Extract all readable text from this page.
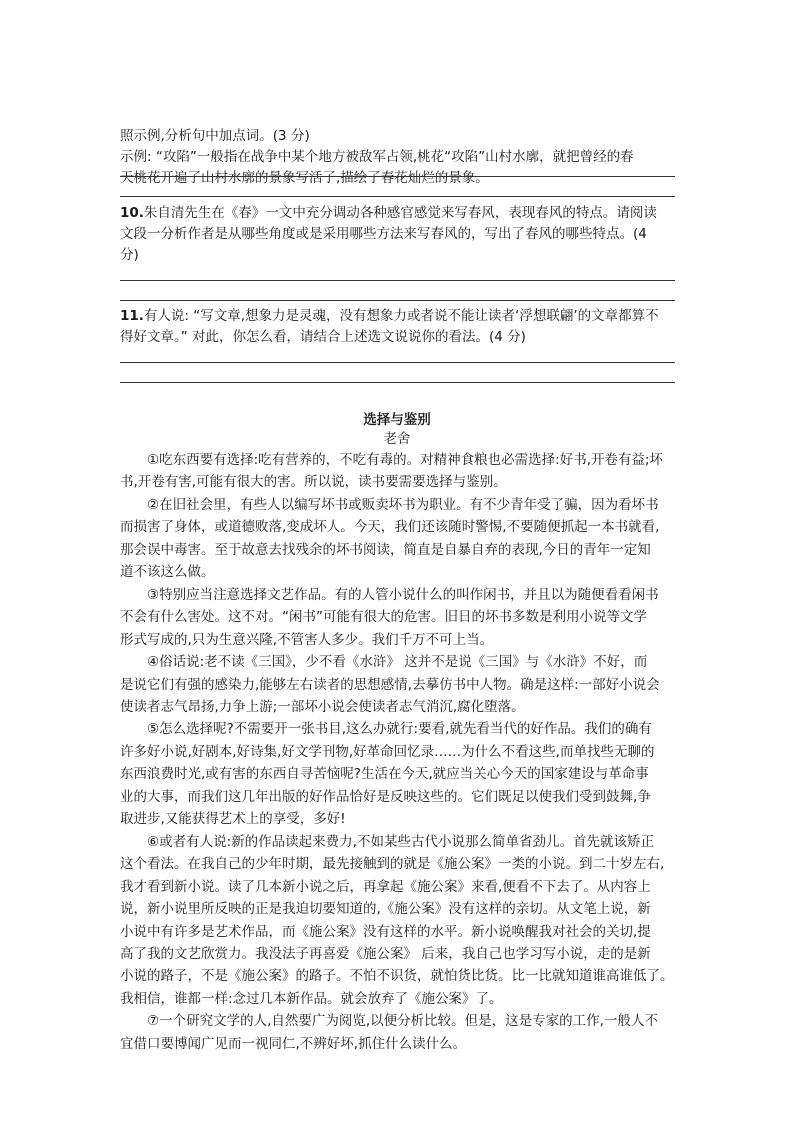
照示例,分析句中加点词。(3 分)
示例: “攻陷”一般指在战争中某个地方被敌军占领,桃花“攻陷”山村水廓，就把曾经的春
天桃花开遍了山村水廓的景象写活了,描绘了春花灿烂的景象。
10.朱自清先生在《春》一文中充分调动各种感官感觉来写春风，表现春风的特点。请阅读
文段一分析作者是从哪些角度或是采用哪些方法来写春风的，写出了春风的哪些特点。(4
分)
11.有人说: “写文章,想象力是灵魂，没有想象力或者说不能让读者‘浮想联翩’的文章都算不
得好文章。” 对此，你怎么看，请结合上述选文说说你的看法。(4 分)
选择与鉴别
老舍
①吃东西要有选择:吃有营养的，不吃有毒的。对精神食粮也必需选择:好书,开卷有益;坏
书,开卷有害,可能有很大的害。所以说，读书要需要选择与鉴别。
②在旧社会里，有些人以编写坏书或贩卖坏书为职业。有不少青年受了骗，因为看坏书
而损害了身体，或道德败落,变成坏人。今天，我们还该随时警惕,不要随便抓起一本书就看,
那会误中毒害。至于故意去找残余的坏书阅读，简直是自暴自弃的表现,今日的青年一定知
道不该这么做。
③特别应当注意选择文艺作品。有的人管小说什么的叫作闲书，并且以为随便看看闲书
不会有什么害处。这不对。“闲书”可能有很大的危害。旧日的坏书多数是利用小说等文学
形式写成的,只为生意兴隆,不管害人多少。我们千万不可上当。
④俗话说:老不读《三国》，少不看《水浒》 这并不是说《三国》与《水浒》不好，而
是说它们有强的感染力,能够左右读者的思想感情,去摹仿书中人物。确是这样:一部好小说会
使读者志气昂扬,力争上游;一部坏小说会使读者志气消沉,腐化堕落。
⑤怎么选择呢?不需要开一张书目,这么办就行:要看,就先看当代的好作品。我们的确有
许多好小说,好剧本,好诗集,好文学刊物,好革命回忆录……为什么不看这些,而单找些无聊的
东西浪费时光,或有害的东西自寻苦恼呢?生活在今天,就应当关心今天的国家建设与革命事
业的大事，而我们这几年出版的好作品恰好是反映这些的。它们既足以使我们受到鼓舞,争
取进步,又能获得艺术上的享受，多好!
⑥或者有人说:新的作品读起来费力,不如某些古代小说那么简单省劲儿。首先就该矫正
这个看法。在我自己的少年时期，最先接触到的就是《施公案》一类的小说。到二十岁左右,
我才看到新小说。读了几本新小说之后，再拿起《施公案》来看,便看不下去了。从内容上
说，新小说里所反映的正是我迫切要知道的,《施公案》没有这样的亲切。从文笔上说，新
小说中有许多是艺术作品，而《施公案》没有这样的水平。新小说唤醒我对社会的关切,提
高了我的文艺欣赏力。我没法子再喜爱《施公案》 后来，我自己也学习写小说，走的是新
小说的路子，不是《施公案》的路子。不怕不识货，就怕货比货。比一比就知道谁高谁低了。
我相信，谁都一样:念过几本新作品。就会放弃了《施公案》了。
⑦一个研究文学的人,自然要广为阅览,以便分析比较。但是，这是专家的工作,一般人不
宜借口要博闻广见而一视同仁,不辨好坏,抓住什么读什么。
